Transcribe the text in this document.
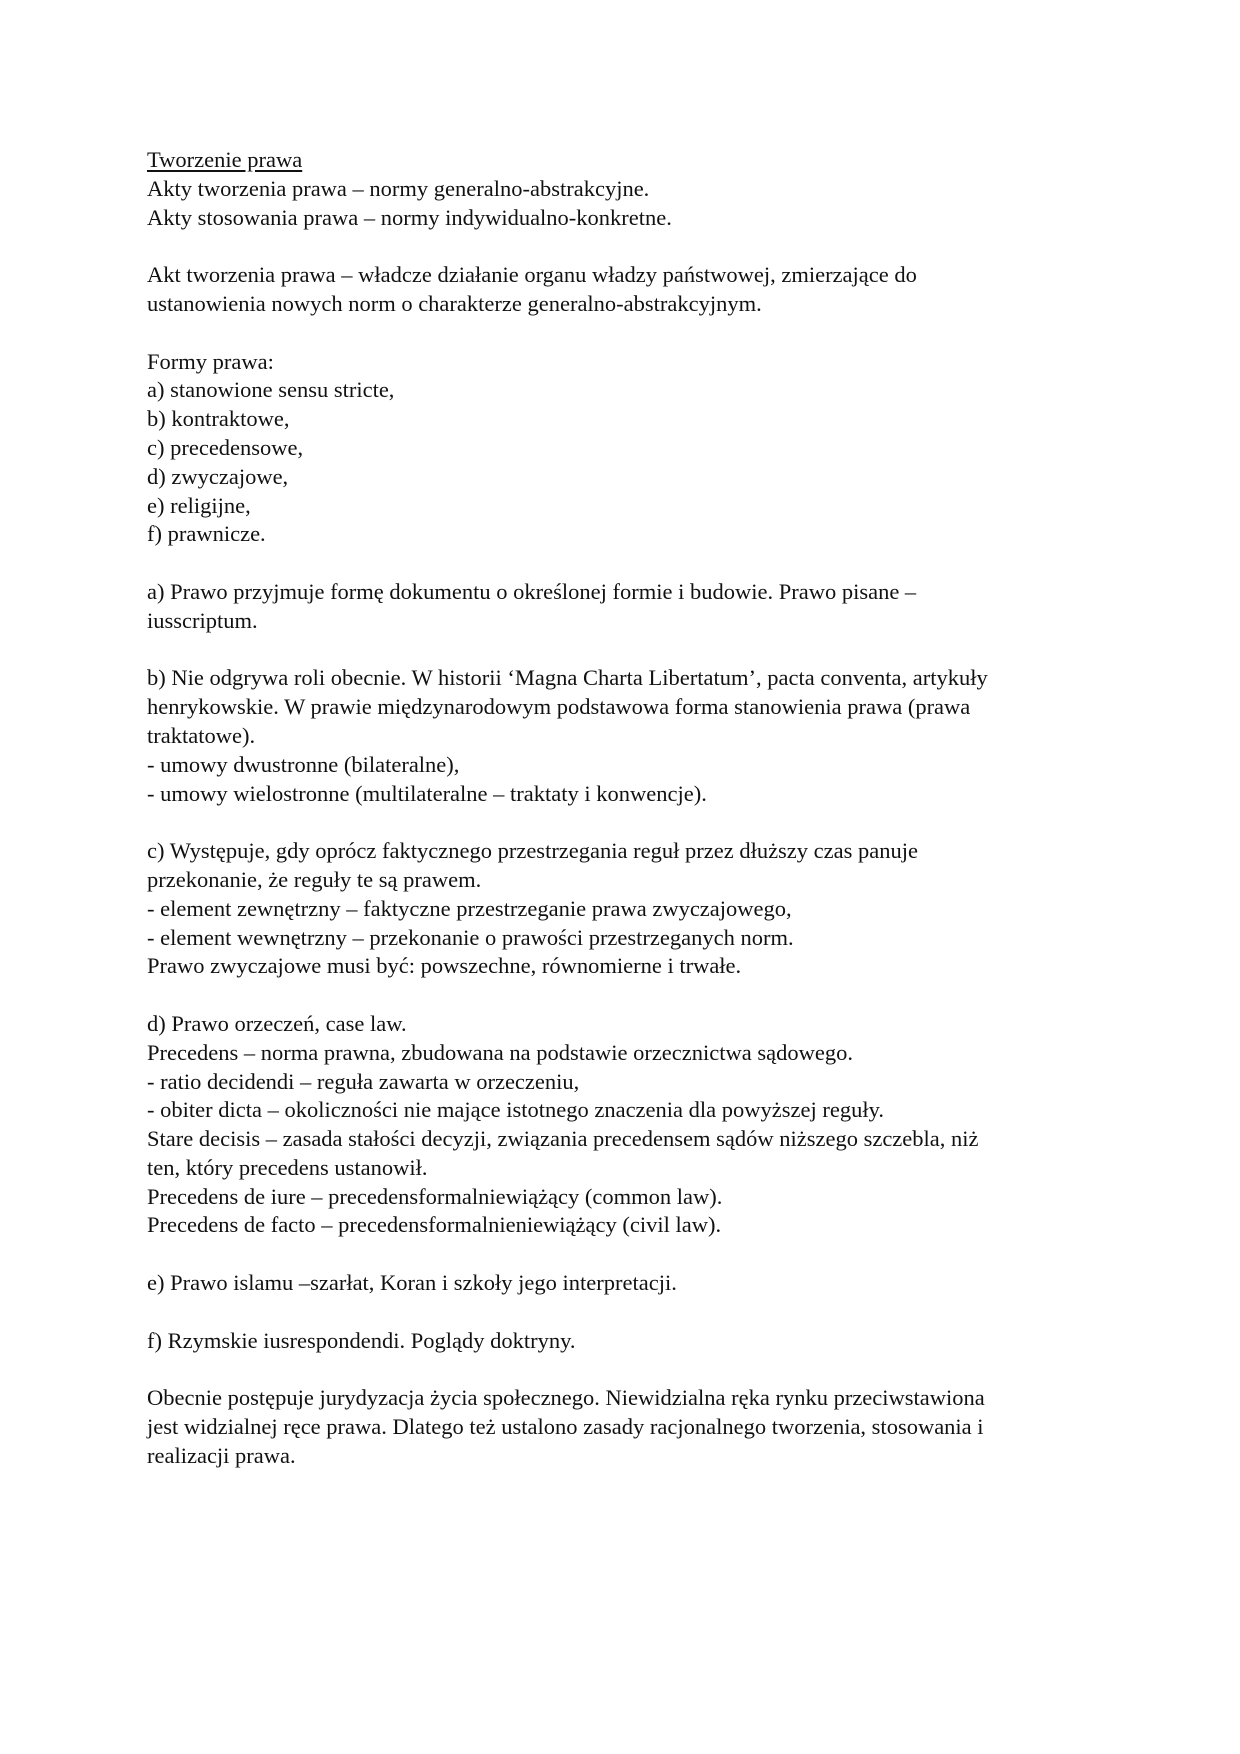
Tworzenie prawa
Akty tworzenia prawa – normy generalno-abstrakcyjne.
Akty stosowania prawa – normy indywidualno-konkretne.
Akt tworzenia prawa – władcze działanie organu władzy państwowej, zmierzające do
ustanowienia nowych norm o charakterze generalno-abstrakcyjnym.
Formy prawa:
a) stanowione sensu stricte,
b) kontraktowe,
c) precedensowe,
d) zwyczajowe,
e) religijne,
f) prawnicze.
a) Prawo przyjmuje formę dokumentu o określonej formie i budowie. Prawo pisane –
iusscriptum.
b) Nie odgrywa roli obecnie. W historii ‘Magna Charta Libertatum’, pacta conventa, artykuły
henrykowskie. W prawie międzynarodowym podstawowa forma stanowienia prawa (prawa
traktatowe).
- umowy dwustronne (bilateralne),
- umowy wielostronne (multilateralne – traktaty i konwencje).
c) Występuje, gdy oprócz faktycznego przestrzegania reguł przez dłuższy czas panuje
przekonanie, że reguły te są prawem.
- element zewnętrzny – faktyczne przestrzeganie prawa zwyczajowego,
- element wewnętrzny – przekonanie o prawości przestrzeganych norm.
Prawo zwyczajowe musi być: powszechne, równomierne i trwałe.
d) Prawo orzeczeń, case law.
Precedens – norma prawna, zbudowana na podstawie orzecznictwa sądowego.
- ratio decidendi – reguła zawarta w orzeczeniu,
- obiter dicta – okoliczności nie mające istotnego znaczenia dla powyższej reguły.
Stare decisis – zasada stałości decyzji, związania precedensem sądów niższego szczebla, niż
ten, który precedens ustanowił.
Precedens de iure – precedensformalniewiążący (common law).
Precedens de facto – precedensformalnieniewiążący (civil law).
e) Prawo islamu –szarłat, Koran i szkoły jego interpretacji.
f) Rzymskie iusrespondendi. Poglądy doktryny.
Obecnie postępuje jurydyzacja życia społecznego. Niewidzialna ręka rynku przeciwstawiona
jest widzialnej ręce prawa. Dlatego też ustalono zasady racjonalnego tworzenia, stosowania i
realizacji prawa.
